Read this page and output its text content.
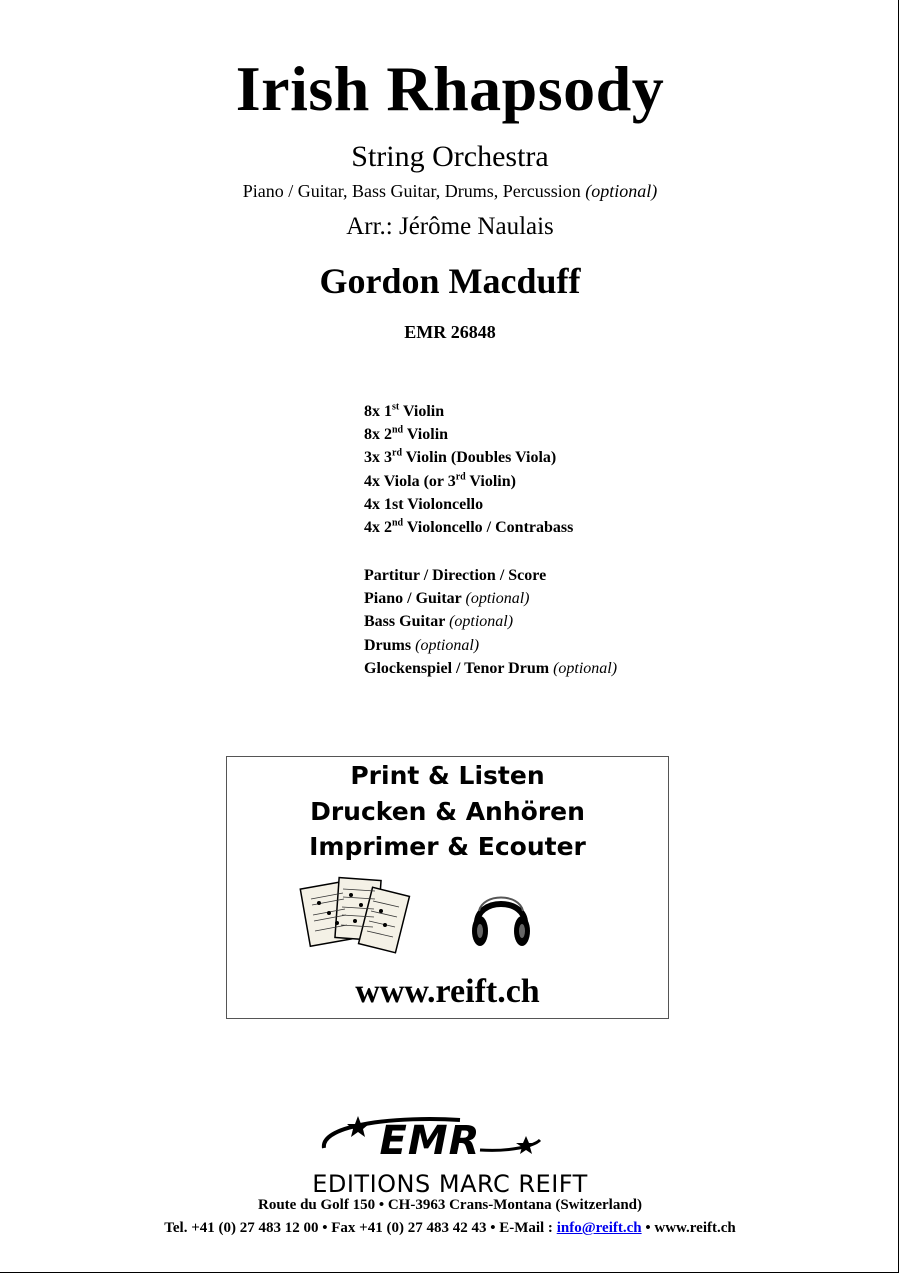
Irish Rhapsody
String Orchestra
Piano / Guitar, Bass Guitar, Drums, Percussion (optional)
Arr.: Jérôme Naulais
Gordon Macduff
EMR 26848
8x 1st Violin
8x 2nd Violin
3x 3rd Violin (Doubles Viola)
4x Viola (or 3rd Violin)
4x 1st Violoncello
4x 2nd Violoncello / Contrabass
Partitur / Direction / Score
Piano / Guitar (optional)
Bass Guitar (optional)
Drums (optional)
Glockenspiel / Tenor Drum (optional)
Print & Listen
Drucken & Anhören
Imprimer & Ecouter
www.reift.ch
EMR
EDITIONS MARC REIFT
Route du Golf 150 • CH-3963 Crans-Montana (Switzerland)
Tel. +41 (0) 27 483 12 00 • Fax +41 (0) 27 483 42 43 • E-Mail : info@reift.ch • www.reift.ch
